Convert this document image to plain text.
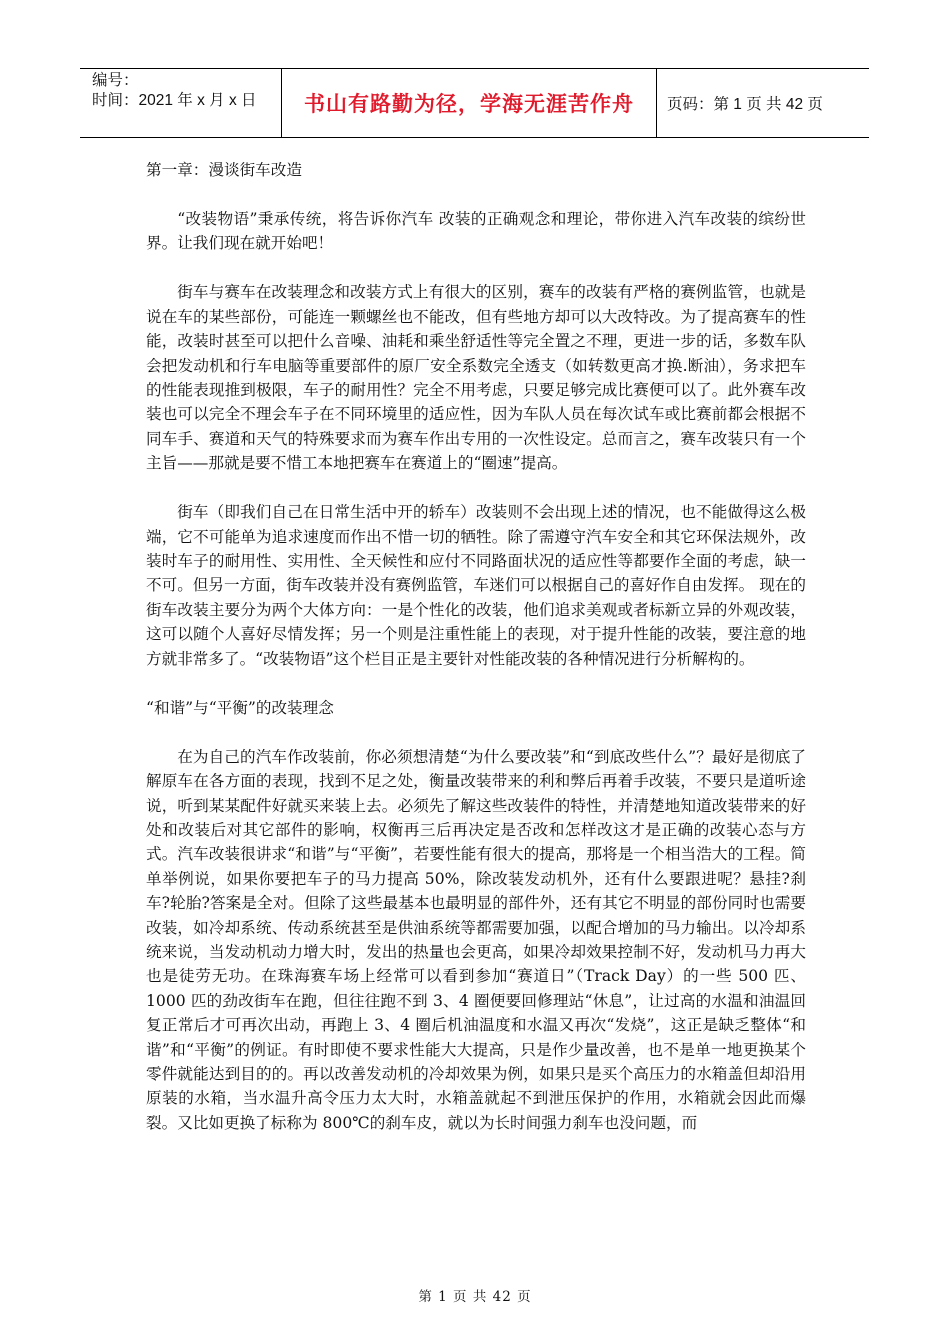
编号：
时间：2021 年 x 月 x 日	书山有路勤为径，学海无涯苦作舟 页码：第 1 页 共 42 页

第一章：漫谈街车改造

“改装物语”秉承传统，将告诉你汽车 改装的正确观念和理论，带你进入汽车改装的缤纷世界。让我们现在就开始吧！

街车与赛车在改装理念和改装方式上有很大的区别，赛车的改装有严格的赛例监管，也就是说在车的某些部份，可能连一颗螺丝也不能改，但有些地方却可以大改特改。为了提高赛车的性能，改装时甚至可以把什么音噪、油耗和乘坐舒适性等完全置之不理，更进一步的话，多数车队会把发动机和行车电脑等重要部件的原厂安全系数完全透支（如转数更高才换.断油），务求把车的性能表现推到极限，车子的耐用性？完全不用考虑，只要足够完成比赛便可以了。此外赛车改装也可以完全不理会车子在不同环境里的适应性，因为车队人员在每次试车或比赛前都会根据不同车手、赛道和天气的特殊要求而为赛车作出专用的一次性设定。总而言之，赛车改装只有一个主旨——那就是要不惜工本地把赛车在赛道上的“圈速”提高。

街车（即我们自己在日常生活中开的轿车）改装则不会出现上述的情况，也不能做得这么极端，它不可能单为追求速度而作出不惜一切的牺牲。除了需遵守汽车安全和其它环保法规外，改装时车子的耐用性、实用性、全天候性和应付不同路面状况的适应性等都要作全面的考虑，缺一不可。但另一方面，街车改装并没有赛例监管，车迷们可以根据自己的喜好作自由发挥。 现在的街车改装主要分为两个大体方向：一是个性化的改装，他们追求美观或者标新立异的外观改装，这可以随个人喜好尽情发挥；另一个则是注重性能上的表现，对于提升性能的改装，要注意的地方就非常多了。“改装物语”这个栏目正是主要针对性能改装的各种情况进行分析解构的。

“和谐”与“平衡”的改装理念

在为自己的汽车作改装前，你必须想清楚“为什么要改装”和“到底改些什么”？最好是彻底了解原车在各方面的表现，找到不足之处，衡量改装带来的利和弊后再着手改装，不要只是道听途说，听到某某配件好就买来装上去。必须先了解这些改装件的特性，并清楚地知道改装带来的好处和改装后对其它部件的影响，权衡再三后再决定是否改和怎样改这才是正确的改装心态与方式。汽车改装很讲求“和谐”与“平衡”，若要性能有很大的提高，那将是一个相当浩大的工程。简单举例说，如果你要把车子的马力提高 50%，除改装发动机外，还有什么要跟进呢？悬挂?刹车?轮胎?答案是全对。但除了这些最基本也最明显的部件外，还有其它不明显的部份同时也需要改装，如冷却系统、传动系统甚至是供油系统等都需要加强，以配合增加的马力输出。以冷却系统来说，当发动机动力增大时，发出的热量也会更高，如果冷却效果控制不好，发动机马力再大也是徒劳无功。在珠海赛车场上经常可以看到参加“赛道日”（Track Day）的一些 500 匹、1000 匹的劲改街车在跑，但往往跑不到 3、4 圈便要回修理站“休息”，让过高的水温和油温回复正常后才可再次出动，再跑上 3、4 圈后机油温度和水温又再次“发烧”，这正是缺乏整体“和谐”和“平衡”的例证。有时即使不要求性能大大提高，只是作少量改善，也不是单一地更换某个零件就能达到目的的。再以改善发动机的冷却效果为例，如果只是买个高压力的水箱盖但却沿用原装的水箱，当水温升高令压力太大时，水箱盖就起不到泄压保护的作用，水箱就会因此而爆裂。又比如更换了标称为 800℃的刹车皮，就以为长时间强力刹车也没问题，而

第 1 页 共 42 页
